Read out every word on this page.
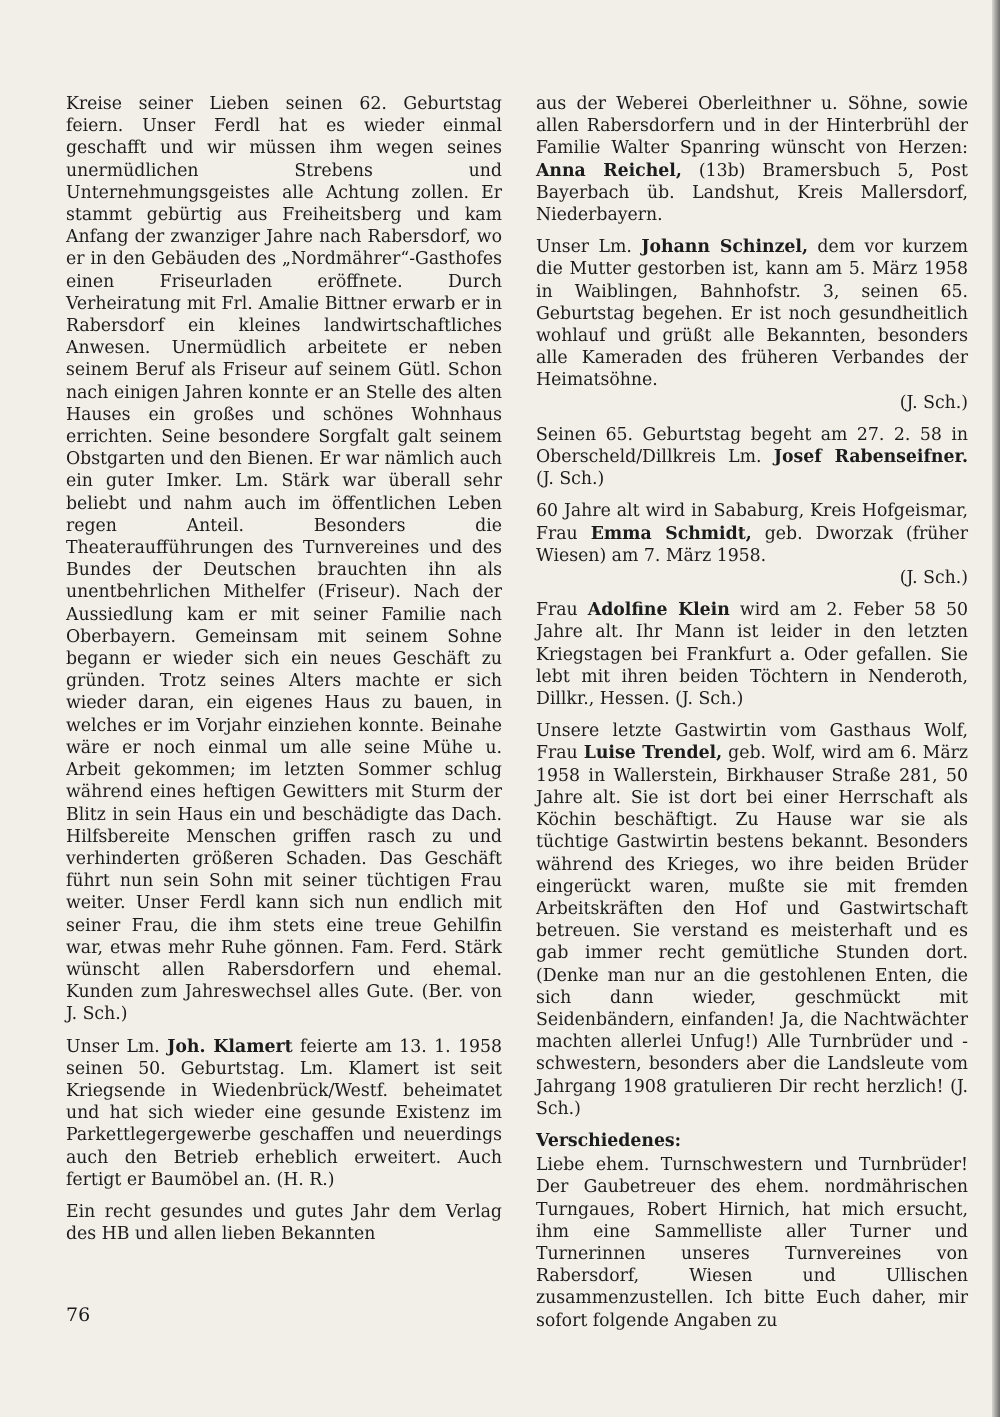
Kreise seiner Lieben seinen 62. Geburtstag feiern. Unser Ferdl hat es wieder einmal geschafft und wir müssen ihm wegen seines unermüdlichen Strebens und Unternehmungsgeistes alle Achtung zollen. Er stammt gebürtig aus Freiheitsberg und kam Anfang der zwanziger Jahre nach Rabersdorf, wo er in den Gebäuden des „Nordmährer“-Gasthofes einen Friseurladen eröffnete. Durch Verheiratung mit Frl. Amalie Bittner erwarb er in Rabersdorf ein kleines landwirtschaftliches Anwesen. Unermüdlich arbeitete er neben seinem Beruf als Friseur auf seinem Gütl. Schon nach einigen Jahren konnte er an Stelle des alten Hauses ein großes und schönes Wohnhaus errichten. Seine besondere Sorgfalt galt seinem Obstgarten und den Bienen. Er war nämlich auch ein guter Imker. Lm. Stärk war überall sehr beliebt und nahm auch im öffentlichen Leben regen Anteil. Besonders die Theateraufführungen des Turnvereines und des Bundes der Deutschen brauchten ihn als unentbehrlichen Mithelfer (Friseur). Nach der Aussiedlung kam er mit seiner Familie nach Oberbayern. Gemeinsam mit seinem Sohne begann er wieder sich ein neues Geschäft zu gründen. Trotz seines Alters machte er sich wieder daran, ein eigenes Haus zu bauen, in welches er im Vorjahr einziehen konnte. Beinahe wäre er noch einmal um alle seine Mühe u. Arbeit gekommen; im letzten Sommer schlug während eines heftigen Gewitters mit Sturm der Blitz in sein Haus ein und beschädigte das Dach. Hilfsbereite Menschen griffen rasch zu und verhinderten größeren Schaden. Das Geschäft führt nun sein Sohn mit seiner tüchtigen Frau weiter. Unser Ferdl kann sich nun endlich mit seiner Frau, die ihm stets eine treue Gehilfin war, etwas mehr Ruhe gönnen. Fam. Ferd. Stärk wünscht allen Rabersdorfern und ehemal. Kunden zum Jahreswechsel alles Gute. (Ber. von J. Sch.)

Unser Lm. Joh. Klamert feierte am 13. 1. 1958 seinen 50. Geburtstag. Lm. Klamert ist seit Kriegsende in Wiedenbrück/Westf. beheimatet und hat sich wieder eine gesunde Existenz im Parkettlegergewerbe geschaffen und neuerdings auch den Betrieb erheblich erweitert. Auch fertigt er Baumöbel an. (H. R.)

Ein recht gesundes und gutes Jahr dem Verlag des HB und allen lieben Bekannten

aus der Weberei Oberleithner u. Söhne, sowie allen Rabersdorfern und in der Hinterbrühl der Familie Walter Spanring wünscht von Herzen: Anna Reichel, (13b) Bramersbuch 5, Post Bayerbach üb. Landshut, Kreis Mallersdorf, Niederbayern.

Unser Lm. Johann Schinzel, dem vor kurzem die Mutter gestorben ist, kann am 5. März 1958 in Waiblingen, Bahnhofstr. 3, seinen 65. Geburtstag begehen. Er ist noch gesundheitlich wohlauf und grüßt alle Bekannten, besonders alle Kameraden des früheren Verbandes der Heimatsöhne.
(J. Sch.)

Seinen 65. Geburtstag begeht am 27. 2. 58 in Oberscheld/Dillkreis Lm. Josef Rabenseifner. (J. Sch.)

60 Jahre alt wird in Sababurg, Kreis Hofgeismar, Frau Emma Schmidt, geb. Dworzak (früher Wiesen) am 7. März 1958.
(J. Sch.)

Frau Adolfine Klein wird am 2. Feber 58 50 Jahre alt. Ihr Mann ist leider in den letzten Kriegstagen bei Frankfurt a. Oder gefallen. Sie lebt mit ihren beiden Töchtern in Nenderoth, Dillkr., Hessen. (J. Sch.)

Unsere letzte Gastwirtin vom Gasthaus Wolf, Frau Luise Trendel, geb. Wolf, wird am 6. März 1958 in Wallerstein, Birkhauser Straße 281, 50 Jahre alt. Sie ist dort bei einer Herrschaft als Köchin beschäftigt. Zu Hause war sie als tüchtige Gastwirtin bestens bekannt. Besonders während des Krieges, wo ihre beiden Brüder eingerückt waren, mußte sie mit fremden Arbeitskräften den Hof und Gastwirtschaft betreuen. Sie verstand es meisterhaft und es gab immer recht gemütliche Stunden dort. (Denke man nur an die gestohlenen Enten, die sich dann wieder, geschmückt mit Seidenbändern, einfanden! Ja, die Nachtwächter machten allerlei Unfug!) Alle Turnbrüder und -schwestern, besonders aber die Landsleute vom Jahrgang 1908 gratulieren Dir recht herzlich! (J. Sch.)

Verschiedenes:

Liebe ehem. Turnschwestern und Turnbrüder! Der Gaubetreuer des ehem. nordmährischen Turngaues, Robert Hirnich, hat mich ersucht, ihm eine Sammelliste aller Turner und Turnerinnen unseres Turnvereines von Rabersdorf, Wiesen und Ullischen zusammenzustellen. Ich bitte Euch daher, mir sofort folgende Angaben zu

76
